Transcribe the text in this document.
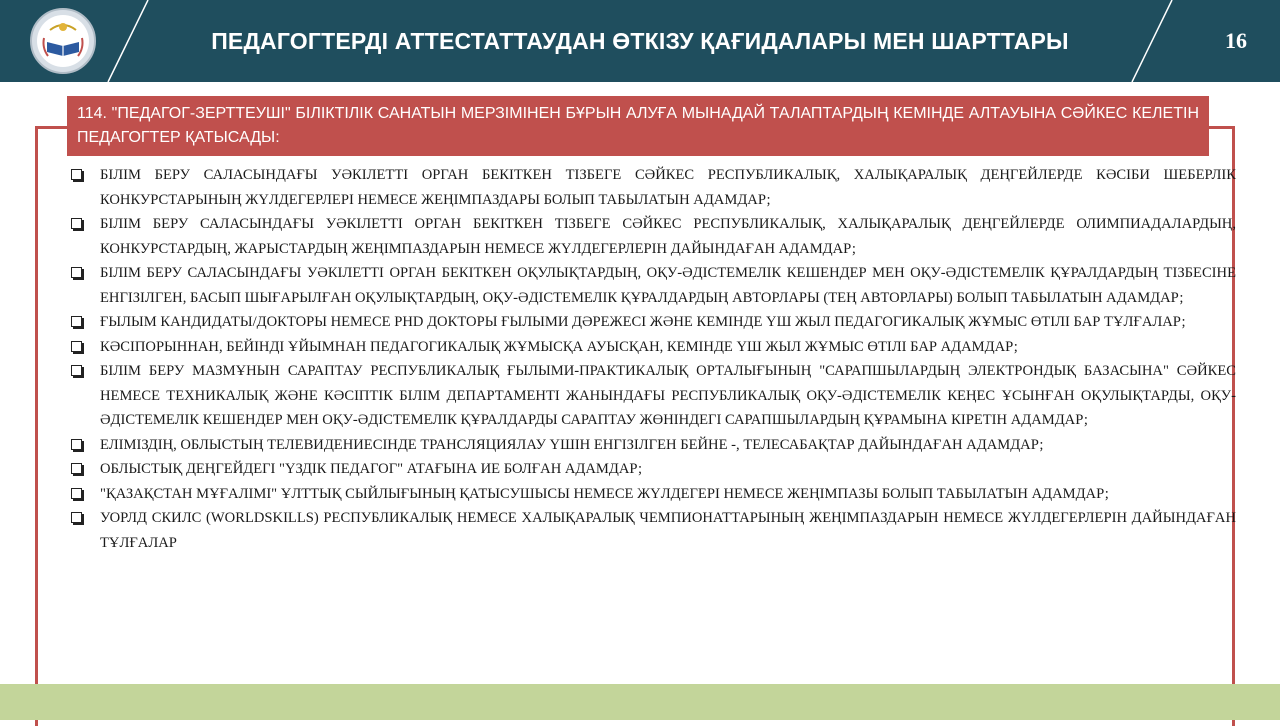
ПЕДАГОГТЕРДІ АТТЕСТАТТАУДАН ӨТКІЗУ ҚАҒИДАЛАРЫ МЕН ШАРТТАРЫ	16
114. "ПЕДАГОГ-ЗЕРТТЕУШІ" БІЛІКТІЛІК САНАТЫН МЕРЗІМІНЕН БҰРЫН АЛУҒА МЫНАДАЙ ТАЛАПТАРДЫҢ КЕМІНДЕ АЛТАУЫНА СӘЙКЕС КЕЛЕТІН ПЕДАГОГТЕР ҚАТЫСАДЫ:
БІЛІМ БЕРУ САЛАСЫНДАҒЫ УӘКІЛЕТТІ ОРГАН БЕКІТКЕН ТІЗБЕГЕ СӘЙКЕС РЕСПУБЛИКАЛЫҚ, ХАЛЫҚАРАЛЫҚ ДЕҢГЕЙЛЕРДЕ КӘСІБИ ШЕБЕРЛІК КОНКУРСТАРЫНЫҢ ЖҮЛДЕГЕРЛЕРІ НЕМЕСЕ ЖЕҢІМПАЗДАРЫ БОЛЫП ТАБЫЛАТЫН АДАМДАР;
БІЛІМ БЕРУ САЛАСЫНДАҒЫ УӘКІЛЕТТІ ОРГАН БЕКІТКЕН ТІЗБЕГЕ СӘЙКЕС РЕСПУБЛИКАЛЫҚ, ХАЛЫҚАРАЛЫҚ ДЕҢГЕЙЛЕРДЕ ОЛИМПИАДАЛАРДЫҢ, КОНКУРСТАРДЫҢ, ЖАРЫСТАРДЫҢ ЖЕҢІМПАЗДАРЫН НЕМЕСЕ ЖҮЛДЕГЕРЛЕРІН ДАЙЫНДАҒАН АДАМДАР;
БІЛІМ БЕРУ САЛАСЫНДАҒЫ УӘКІЛЕТТІ ОРГАН БЕКІТКЕН ОҚУЛЫҚТАРДЫҢ, ОҚУ-ӘДІСТЕМЕЛІК КЕШЕНДЕР МЕН ОҚУ-ӘДІСТЕМЕЛІК ҚҰРАЛДАРДЫҢ ТІЗБЕСІНЕ ЕНГІЗІЛГЕН, БАСЫП ШЫҒАРЫЛҒАН ОҚУЛЫҚТАРДЫҢ, ОҚУ-ӘДІСТЕМЕЛІК ҚҰРАЛДАРДЫҢ АВТОРЛАРЫ (ТЕҢ АВТОРЛАРЫ) БОЛЫП ТАБЫЛАТЫН АДАМДАР;
ҒЫЛЫМ КАНДИДАТЫ/ДОКТОРЫ НЕМЕСЕ PHD ДОКТОРЫ ҒЫЛЫМИ ДӘРЕЖЕСІ ЖӘНЕ КЕМІНДЕ ҮШ ЖЫЛ ПЕДАГОГИКАЛЫҚ ЖҰМЫС ӨТІЛІ БАР ТҰЛҒАЛАР;
КӘСІПОРЫННАН, БЕЙІНДІ ҰЙЫМНАН ПЕДАГОГИКАЛЫҚ ЖҰМЫСҚА АУЫСҚАН, КЕМІНДЕ ҮШ ЖЫЛ ЖҰМЫС ӨТІЛІ БАР АДАМДАР;
БІЛІМ БЕРУ МАЗМҰНЫН САРАПТАУ РЕСПУБЛИКАЛЫҚ ҒЫЛЫМИ-ПРАКТИКАЛЫҚ ОРТАЛЫҒЫНЫҢ "САРАПШЫЛАРДЫҢ ЭЛЕКТРОНДЫҚ БАЗАСЫНА" СӘЙКЕС НЕМЕСЕ ТЕХНИКАЛЫҚ ЖӘНЕ КӘСІПТІК БІЛІМ ДЕПАРТАМЕНТІ ЖАНЫНДАҒЫ РЕСПУБЛИКАЛЫҚ ОҚУ-ӘДІСТЕМЕЛІК КЕҢЕС ҰСЫНҒАН ОҚУЛЫҚТАРДЫ, ОҚУ-ӘДІСТЕМЕЛІК КЕШЕНДЕР МЕН ОҚУ-ӘДІСТЕМЕЛІК ҚҰРАЛДАРДЫ САРАПТАУ ЖӨНІНДЕГІ САРАПШЫЛАРДЫҢ ҚҰРАМЫНА КІРЕТІН АДАМДАР;
ЕЛІМІЗДІҢ, ОБЛЫСТЫҢ ТЕЛЕВИДЕНИЕСІНДЕ ТРАНСЛЯЦИЯЛАУ ҮШІН ЕНГІЗІЛГЕН БЕЙНЕ -, ТЕЛЕСАБАҚТАР ДАЙЫНДАҒАН АДАМДАР;
ОБЛЫСТЫҚ ДЕҢГЕЙДЕГІ "ҮЗДІК ПЕДАГОГ" АТАҒЫНА ИЕ БОЛҒАН АДАМДАР;
"ҚАЗАҚСТАН МҰҒАЛІМІ" ҰЛТТЫҚ СЫЙЛЫҒЫНЫҢ ҚАТЫСУШЫСЫ НЕМЕСЕ ЖҮЛДЕГЕРІ НЕМЕСЕ ЖЕҢІМПАЗЫ БОЛЫП ТАБЫЛАТЫН АДАМДАР;
УОРЛД СКИЛС (WORLDSKILLS) РЕСПУБЛИКАЛЫҚ НЕМЕСЕ ХАЛЫҚАРАЛЫҚ ЧЕМПИОНАТТАРЫНЫҢ ЖЕҢІМПАЗДАРЫН НЕМЕСЕ ЖҮЛДЕГЕРЛЕРІН ДАЙЫНДАҒАН ТҰЛҒАЛАР
